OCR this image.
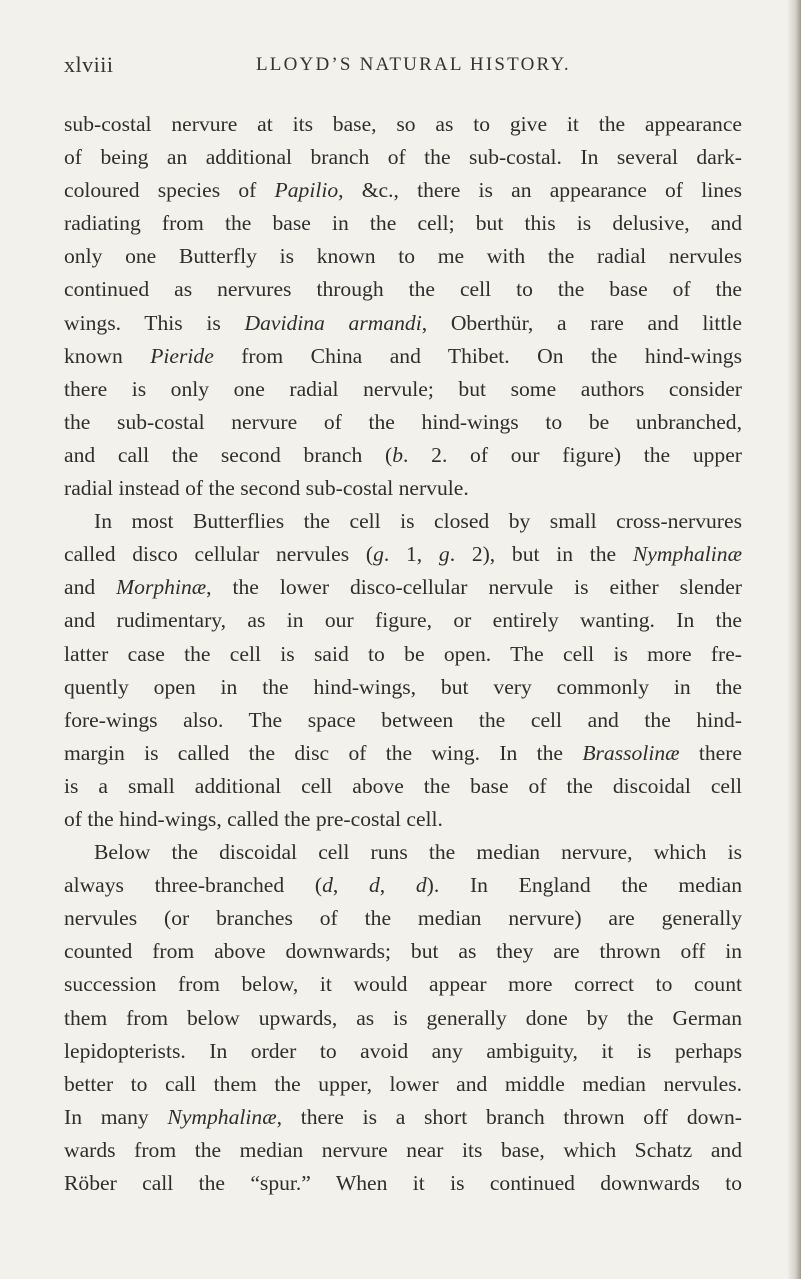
xlviii	LLOYD’S NATURAL HISTORY.
sub-costal nervure at its base, so as to give it the appearance
of being an additional branch of the sub-costal. In several dark-
coloured species of Papilio, &c., there is an appearance of lines
radiating from the base in the cell; but this is delusive, and
only one Butterfly is known to me with the radial nervules
continued as nervures through the cell to the base of the
wings. This is Davidina armandi, Oberthür, a rare and little
known Pieride from China and Thibet. On the hind-wings
there is only one radial nervule; but some authors consider
the sub-costal nervure of the hind-wings to be unbranched,
and call the second branch (b. 2. of our figure) the upper
radial instead of the second sub-costal nervule.
In most Butterflies the cell is closed by small cross-nervures
called disco cellular nervules (g. 1, g. 2), but in the Nymphalinæ
and Morphinæ, the lower disco-cellular nervule is either slender
and rudimentary, as in our figure, or entirely wanting. In the
latter case the cell is said to be open. The cell is more fre-
quently open in the hind-wings, but very commonly in the
fore-wings also. The space between the cell and the hind-
margin is called the disc of the wing. In the Brassolinæ there
is a small additional cell above the base of the discoidal cell
of the hind-wings, called the pre-costal cell.
Below the discoidal cell runs the median nervure, which is
always three-branched (d, d, d). In England the median
nervules (or branches of the median nervure) are generally
counted from above downwards; but as they are thrown off in
succession from below, it would appear more correct to count
them from below upwards, as is generally done by the German
lepidopterists. In order to avoid any ambiguity, it is perhaps
better to call them the upper, lower and middle median nervules.
In many Nymphalinæ, there is a short branch thrown off down-
wards from the median nervure near its base, which Schatz and
Röber call the “spur.” When it is continued downwards to
